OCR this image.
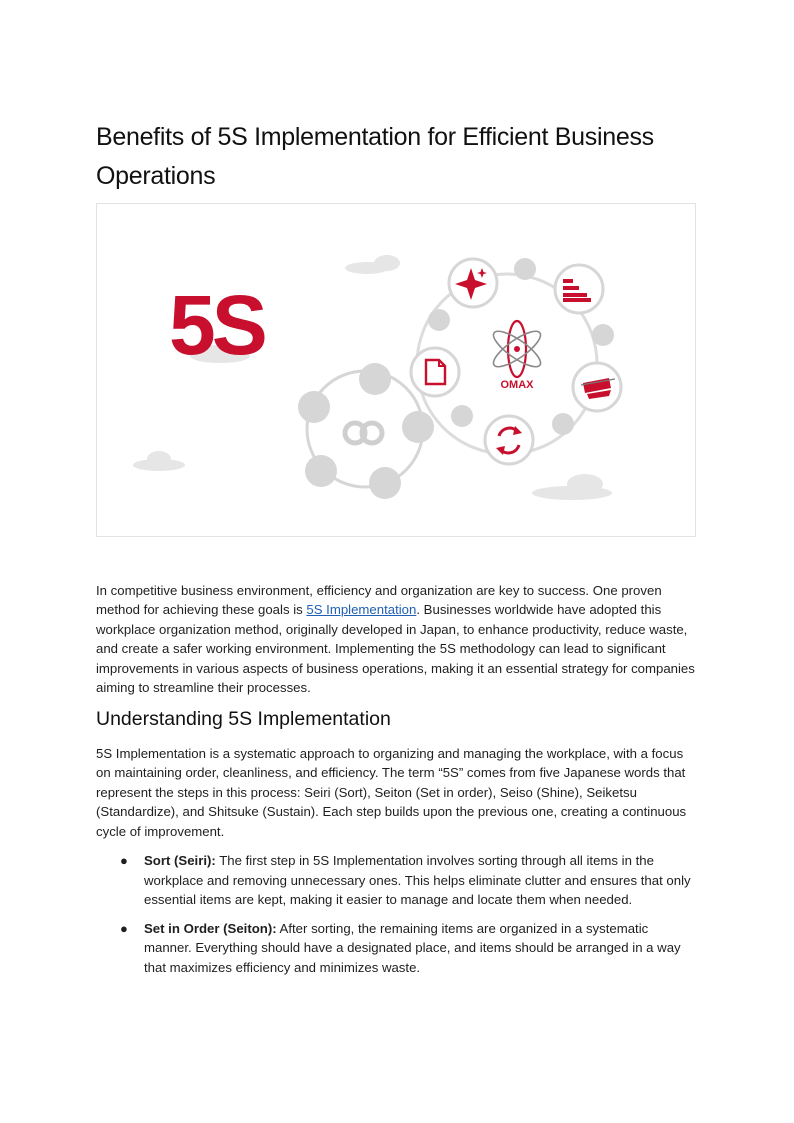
Benefits of 5S Implementation for Efficient Business Operations
5S
OMAX

In competitive business environment, efficiency and organization are key to success. One proven method for achieving these goals is 5S Implementation. Businesses worldwide have adopted this workplace organization method, originally developed in Japan, to enhance productivity, reduce waste, and create a safer working environment. Implementing the 5S methodology can lead to significant improvements in various aspects of business operations, making it an essential strategy for companies aiming to streamline their processes.

Understanding 5S Implementation

5S Implementation is a systematic approach to organizing and managing the workplace, with a focus on maintaining order, cleanliness, and efficiency. The term “5S” comes from five Japanese words that represent the steps in this process: Seiri (Sort), Seiton (Set in order), Seiso (Shine), Seiketsu (Standardize), and Shitsuke (Sustain). Each step builds upon the previous one, creating a continuous cycle of improvement.

● Sort (Seiri): The first step in 5S Implementation involves sorting through all items in the workplace and removing unnecessary ones. This helps eliminate clutter and ensures that only essential items are kept, making it easier to manage and locate them when needed.
● Set in Order (Seiton): After sorting, the remaining items are organized in a systematic manner. Everything should have a designated place, and items should be arranged in a way that maximizes efficiency and minimizes waste.
